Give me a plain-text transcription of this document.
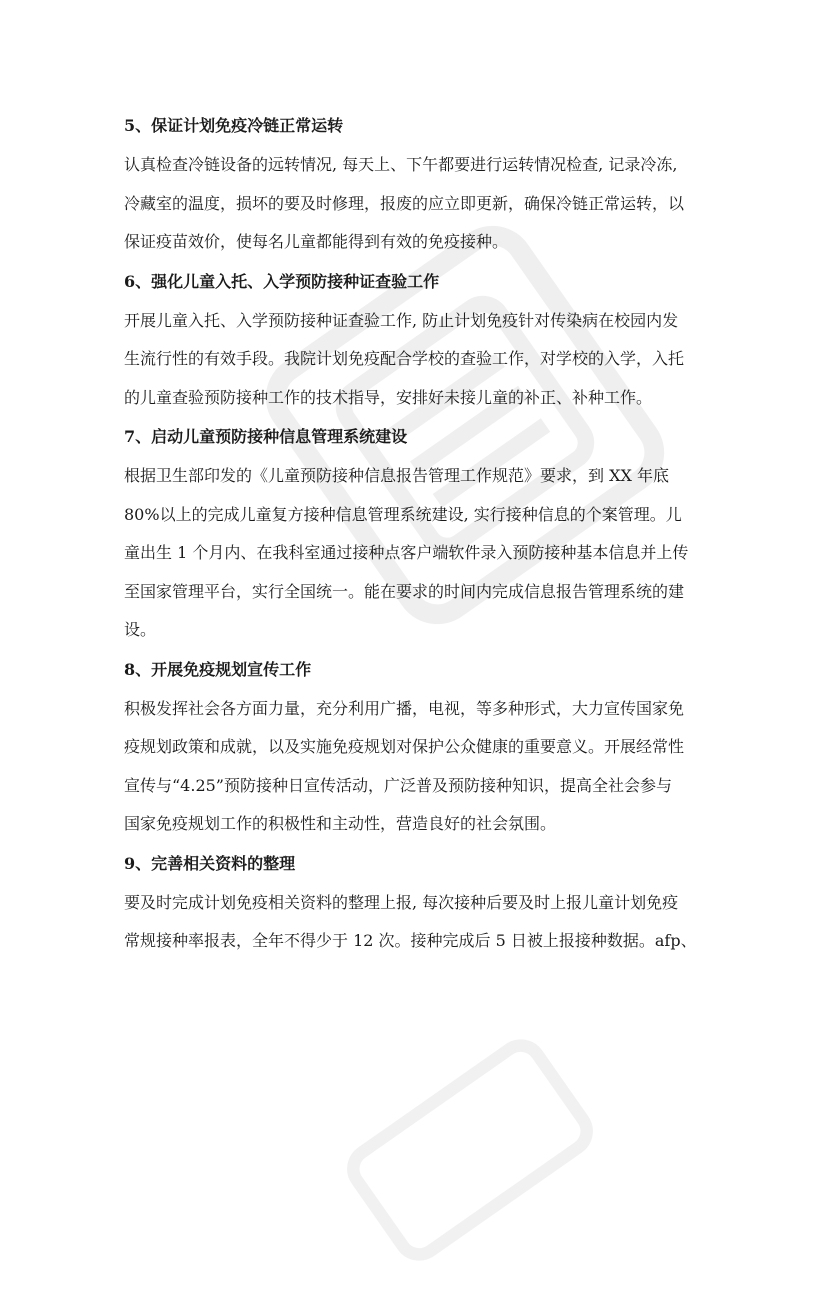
5、保证计划免疫冷链正常运转

认真检查冷链设备的远转情况, 每天上、下午都要进行运转情况检查, 记录冷冻,
冷藏室的温度，损坏的要及时修理，报废的应立即更新，确保冷链正常运转，以
保证疫苗效价，使每名儿童都能得到有效的免疫接种。

6、强化儿童入托、入学预防接种证查验工作

开展儿童入托、入学预防接种证查验工作, 防止计划免疫针对传染病在校园内发
生流行性的有效手段。我院计划免疫配合学校的查验工作，对学校的入学，入托
的儿童查验预防接种工作的技术指导，安排好未接儿童的补正、补种工作。

7、启动儿童预防接种信息管理系统建设

根据卫生部印发的《儿童预防接种信息报告管理工作规范》要求，到 XX 年底
80%以上的完成儿童复方接种信息管理系统建设, 实行接种信息的个案管理。儿
童出生 1 个月内、在我科室通过接种点客户端软件录入预防接种基本信息并上传
至国家管理平台，实行全国统一。能在要求的时间内完成信息报告管理系统的建
设。

8、开展免疫规划宣传工作

积极发挥社会各方面力量，充分利用广播，电视，等多种形式，大力宣传国家免
疫规划政策和成就，以及实施免疫规划对保护公众健康的重要意义。开展经常性
宣传与“4.25”预防接种日宣传活动，广泛普及预防接种知识，提高全社会参与
国家免疫规划工作的积极性和主动性，营造良好的社会氛围。

9、完善相关资料的整理

要及时完成计划免疫相关资料的整理上报, 每次接种后要及时上报儿童计划免疫
常规接种率报表，全年不得少于 12 次。接种完成后 5 日被上报接种数据。afp、
